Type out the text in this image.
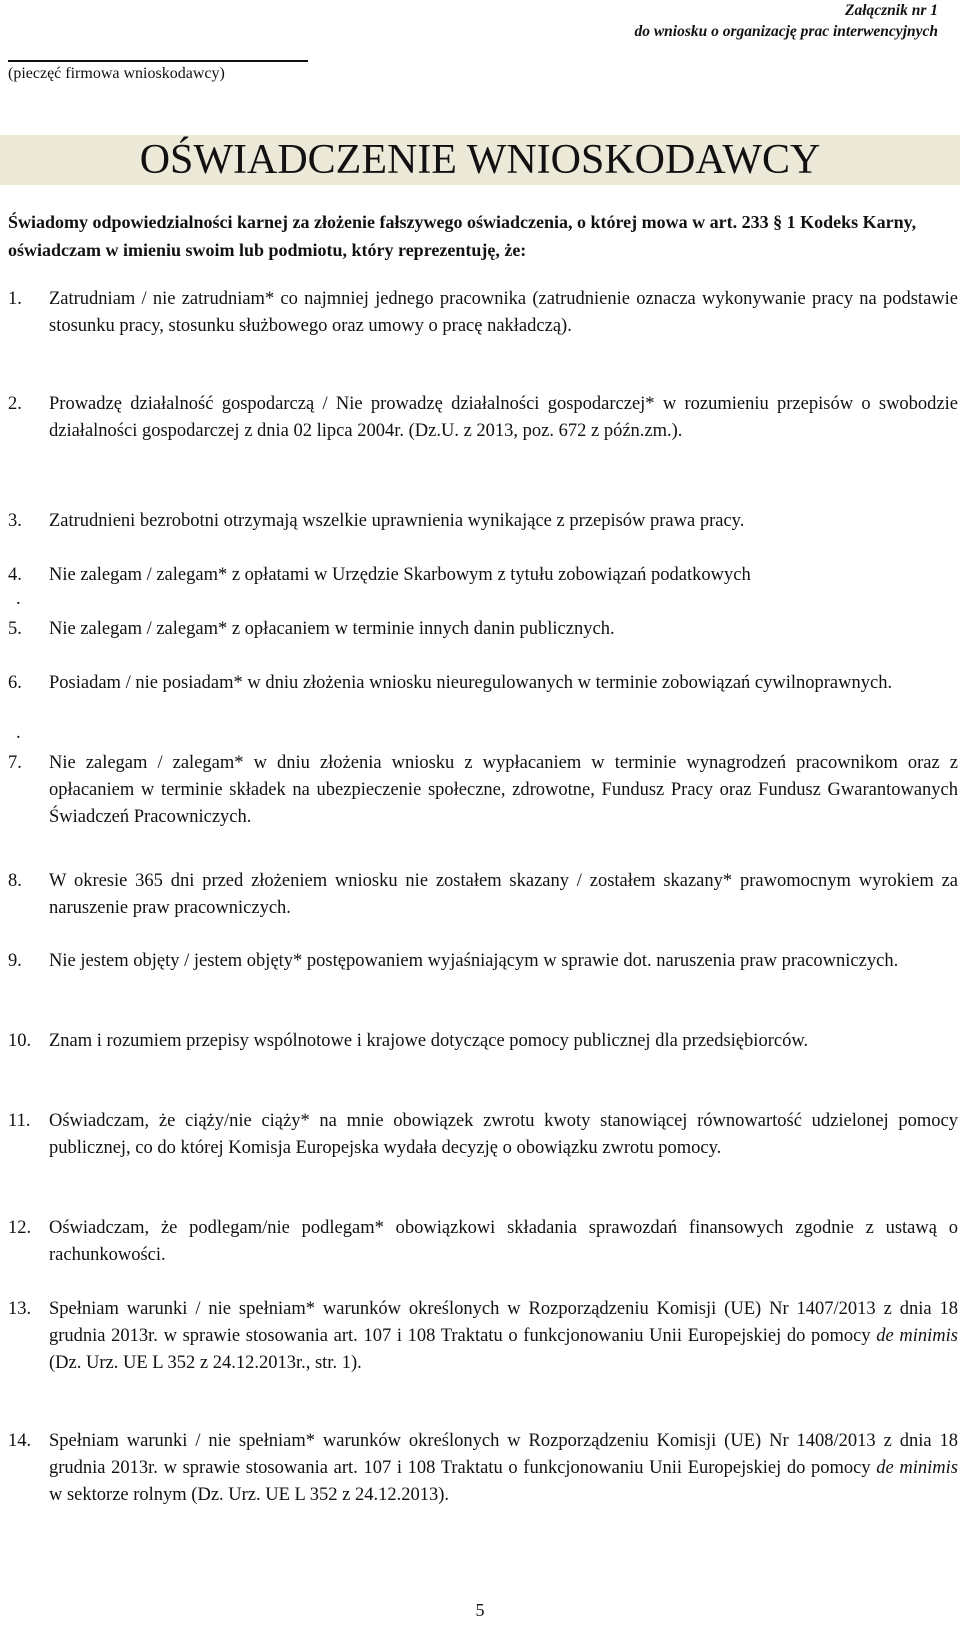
Załącznik nr 1
do wniosku o organizację prac interwencyjnych
(pieczęć firmowa wnioskodawcy)
OŚWIADCZENIE WNIOSKODAWCY
Świadomy odpowiedzialności karnej za złożenie fałszywego oświadczenia, o której mowa w art. 233 § 1 Kodeks Karny, oświadczam w imieniu swoim lub podmiotu, który reprezentuję, że:
1.	Zatrudniam / nie zatrudniam* co najmniej jednego pracownika (zatrudnienie oznacza wykonywanie pracy na podstawie stosunku pracy, stosunku służbowego oraz umowy o pracę nakładczą).
2.	Prowadzę działalność gospodarczą / Nie prowadzę działalności gospodarczej* w rozumieniu przepisów o swobodzie działalności gospodarczej z dnia 02 lipca 2004r. (Dz.U. z 2013, poz. 672 z późn.zm.).
3.	Zatrudnieni bezrobotni otrzymają wszelkie uprawnienia wynikające z przepisów prawa pracy.
4.	Nie zalegam / zalegam* z opłatami w Urzędzie Skarbowym z tytułu zobowiązań podatkowych
.
5.	Nie zalegam / zalegam* z opłacaniem w terminie innych danin publicznych.
6.	Posiadam / nie posiadam* w dniu złożenia wniosku nieuregulowanych w terminie zobowiązań cywilnoprawnych.
.
7.	Nie zalegam / zalegam* w dniu złożenia wniosku z wypłacaniem w terminie wynagrodzeń pracownikom oraz z opłacaniem w terminie składek na ubezpieczenie społeczne, zdrowotne, Fundusz Pracy oraz Fundusz Gwarantowanych Świadczeń Pracowniczych.
8.	W okresie 365 dni przed złożeniem wniosku nie zostałem skazany / zostałem skazany* prawomocnym wyrokiem za naruszenie praw pracowniczych.
9.	Nie jestem objęty / jestem objęty* postępowaniem wyjaśniającym w sprawie dot. naruszenia praw pracowniczych.
10. Znam i rozumiem przepisy wspólnotowe i krajowe dotyczące pomocy publicznej dla przedsiębiorców.
11.	Oświadczam, że ciąży/nie ciąży* na mnie obowiązek zwrotu kwoty stanowiącej równowartość udzielonej pomocy publicznej, co do której Komisja Europejska wydała decyzję o obowiązku zwrotu pomocy.
12. Oświadczam, że podlegam/nie podlegam* obowiązkowi składania sprawozdań finansowych zgodnie z ustawą o rachunkowości.
13. Spełniam warunki / nie spełniam* warunków określonych w Rozporządzeniu Komisji (UE) Nr 1407/2013 z dnia 18 grudnia 2013r. w sprawie stosowania art. 107 i 108 Traktatu o funkcjonowaniu Unii Europejskiej do pomocy de minimis (Dz. Urz. UE L 352 z 24.12.2013r., str. 1).
14. Spełniam warunki / nie spełniam* warunków określonych w Rozporządzeniu Komisji (UE) Nr 1408/2013 z dnia 18 grudnia 2013r. w sprawie stosowania art. 107 i 108 Traktatu o funkcjonowaniu Unii Europejskiej do pomocy de minimis w sektorze rolnym (Dz. Urz. UE L 352 z 24.12.2013).
5
